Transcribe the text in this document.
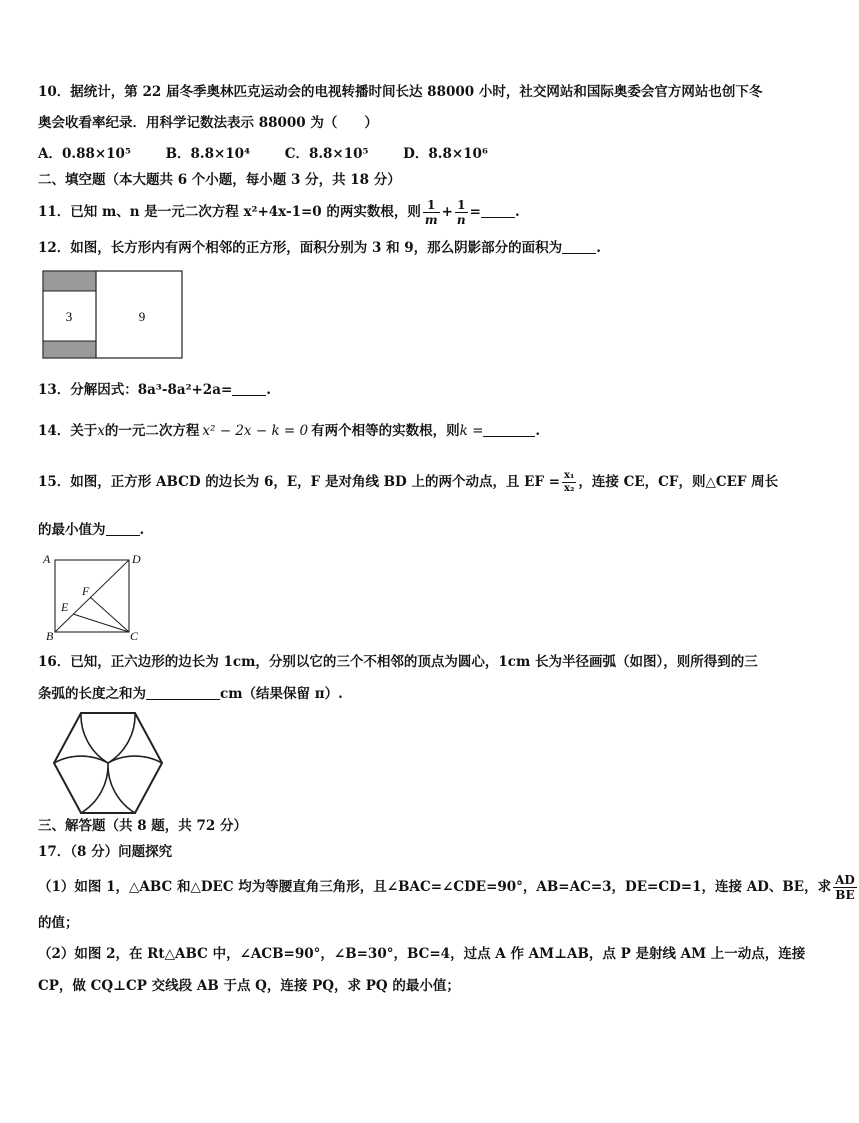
10．据统计，第 22 届冬季奥林匹克运动会的电视转播时间长达 88000 小时，社交网站和国际奥委会官方网站也创下冬
奥会收看率纪录．用科学记数法表示 88000 为（　　）
A．0.88×10⁵	B．8.8×10⁴	C．8.8×10⁵	D．8.8×10⁶
二、填空题（本大题共 6 个小题，每小题 3 分，共 18 分）
11．已知 m、n 是一元二次方程 x²+4x-1=0 的两实数根，则 $\frac{1}{m} + \frac{1}{n}$ =	.
12．如图，长方形内有两个相邻的正方形，面积分别为 3 和 9，那么阴影部分的面积为	.
3	9
13．分解因式：8a³-8a²+2a=	.
14．关于x的一元二次方程 x² − 2x − k = 0 有两个相等的实数根，则k =	.
15．如图，正方形 ABCD 的边长为 6，E，F 是对角线 BD 上的两个动点，且 EF = $\frac{\text{x₁}}{\text{x₂}}$ ，连接 CE，CF，则△CEF 周长
的最小值为	.
A	D
B	C
E
F
16．已知，正六边形的边长为 1cm，分别以它的三个不相邻的顶点为圆心，1cm 长为半径画弧（如图），则所得到的三
条弧的长度之和为	cm（结果保留 π）.
三、解答题（共 8 题，共 72 分）
17．（8 分）问题探究
（1）如图 1，△ABC 和△DEC 均为等腰直角三角形，且∠BAC=∠CDE=90°，AB=AC=3，DE=CD=1，连接 AD、BE，求 $\frac{AD}{BE}$
的值；
（2）如图 2，在 Rt△ABC 中，∠ACB=90°，∠B=30°，BC=4，过点 A 作 AM⊥AB，点 P 是射线 AM 上一动点，连接
CP，做 CQ⊥CP 交线段 AB 于点 Q，连接 PQ，求 PQ 的最小值；
